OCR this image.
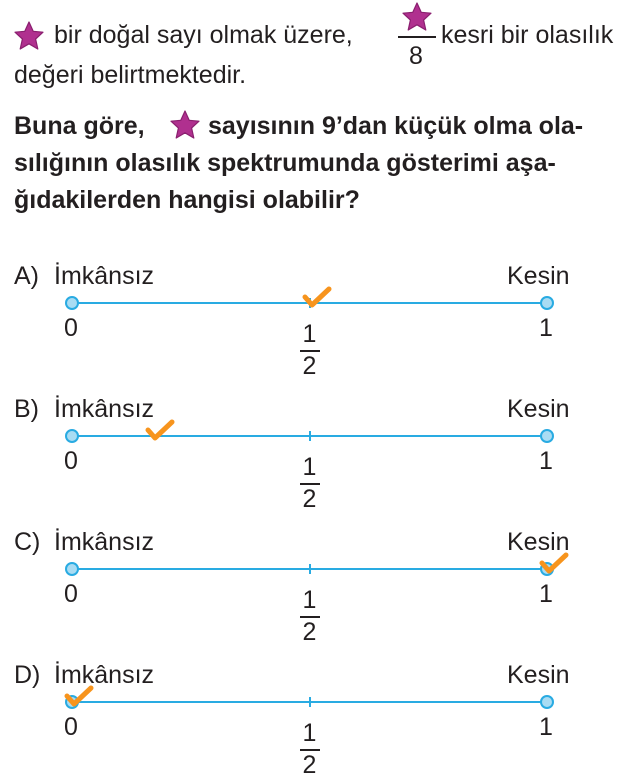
bir doğal sayı olmak üzere,
8
kesri bir olasılık
değeri belirtmektedir.
Buna göre,	sayısının 9’dan küçük olma ola-
sılığının olasılık spektrumunda gösterimi aşa-
ğıdakilerden hangisi olabilir?
A) İmkânsız	Kesin
0	1
1
2
B) İmkânsız	Kesin
0	1
1
2
C) İmkânsız	Kesin
0	1
1
2
D) İmkânsız	Kesin
0	1
1
2
